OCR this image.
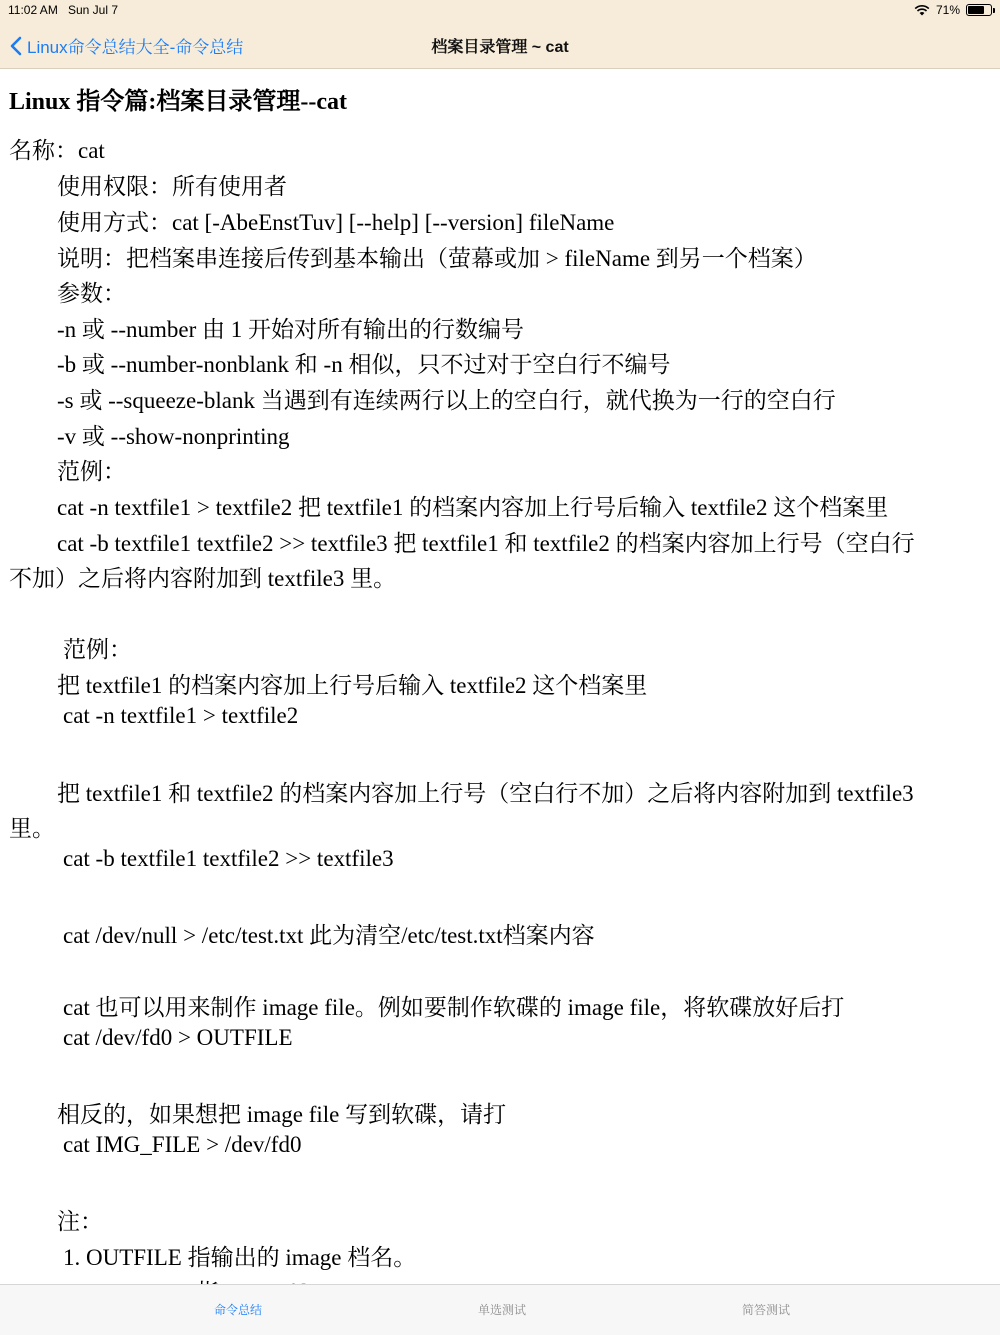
11:02 AM Sun Jul 7	71%
Linux命令总结大全-命令总结	档案目录管理 ~ cat
Linux 指令篇:档案目录管理--cat
名称：cat
使用权限：所有使用者
使用方式：cat [-AbeEnstTuv] [--help] [--version] fileName
说明：把档案串连接后传到基本输出（萤幕或加 > fileName 到另一个档案）
参数：
-n 或 --number 由 1 开始对所有输出的行数编号
-b 或 --number-nonblank 和 -n 相似，只不过对于空白行不编号
-s 或 --squeeze-blank 当遇到有连续两行以上的空白行，就代换为一行的空白行
-v 或 --show-nonprinting
范例：
cat -n textfile1 > textfile2 把 textfile1 的档案内容加上行号后输入 textfile2 这个档案里
cat -b textfile1 textfile2 >> textfile3 把 textfile1 和 textfile2 的档案内容加上行号（空白行
不加）之后将内容附加到 textfile3 里。
范例：
把 textfile1 的档案内容加上行号后输入 textfile2 这个档案里
cat -n textfile1 > textfile2
把 textfile1 和 textfile2 的档案内容加上行号（空白行不加）之后将内容附加到 textfile3
里。
cat -b textfile1 textfile2 >> textfile3
cat /dev/null > /etc/test.txt 此为清空/etc/test.txt档案内容
cat 也可以用来制作 image file。例如要制作软碟的 image file，将软碟放好后打
cat /dev/fd0 > OUTFILE
相反的，如果想把 image file 写到软碟，请打
cat IMG_FILE > /dev/fd0
注：
1. OUTFILE 指输出的 image 档名。
命令总结	单选测试	简答测试
